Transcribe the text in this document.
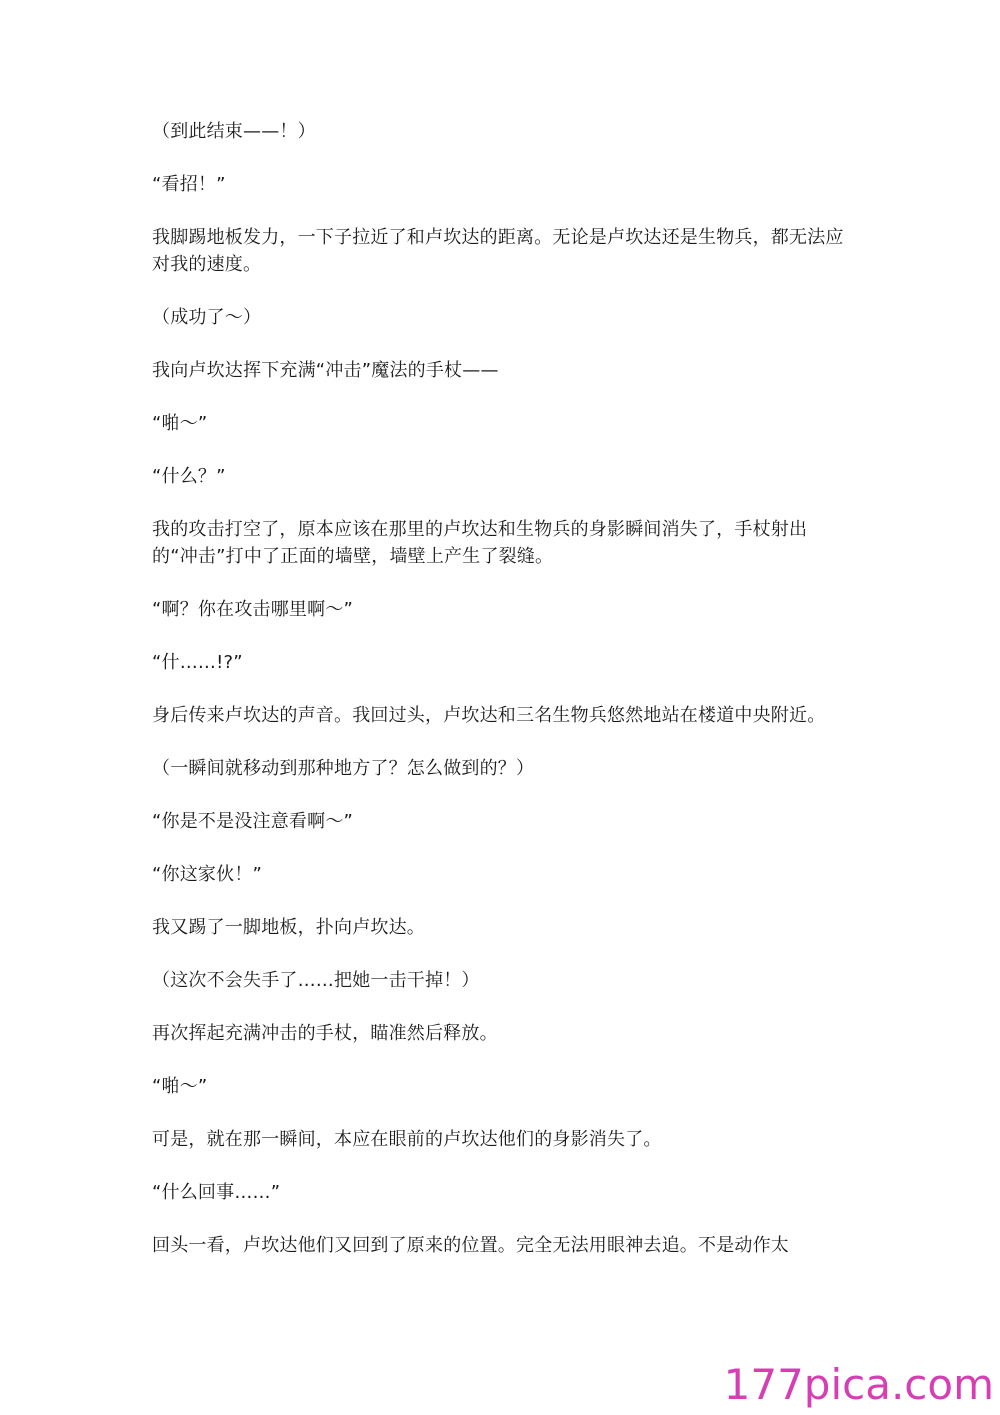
（到此结束——！）

“看招！”

我脚踢地板发力，一下子拉近了和卢坎达的距离。无论是卢坎达还是生物兵，都无法应对我的速度。

（成功了～）

我向卢坎达挥下充满“冲击”魔法的手杖——

“啪～”

“什么？”

我的攻击打空了，原本应该在那里的卢坎达和生物兵的身影瞬间消失了，手杖射出的“冲击”打中了正面的墙壁，墙壁上产生了裂缝。

“啊？你在攻击哪里啊～”

“什……!?”

身后传来卢坎达的声音。我回过头，卢坎达和三名生物兵悠然地站在楼道中央附近。

（一瞬间就移动到那种地方了？怎么做到的？）

“你是不是没注意看啊～”

“你这家伙！”

我又踢了一脚地板，扑向卢坎达。

（这次不会失手了……把她一击干掉！）

再次挥起充满冲击的手杖，瞄准然后释放。

“啪～”

可是，就在那一瞬间，本应在眼前的卢坎达他们的身影消失了。

“什么回事……”

回头一看，卢坎达他们又回到了原来的位置。完全无法用眼神去追。不是动作太

177pica.com
